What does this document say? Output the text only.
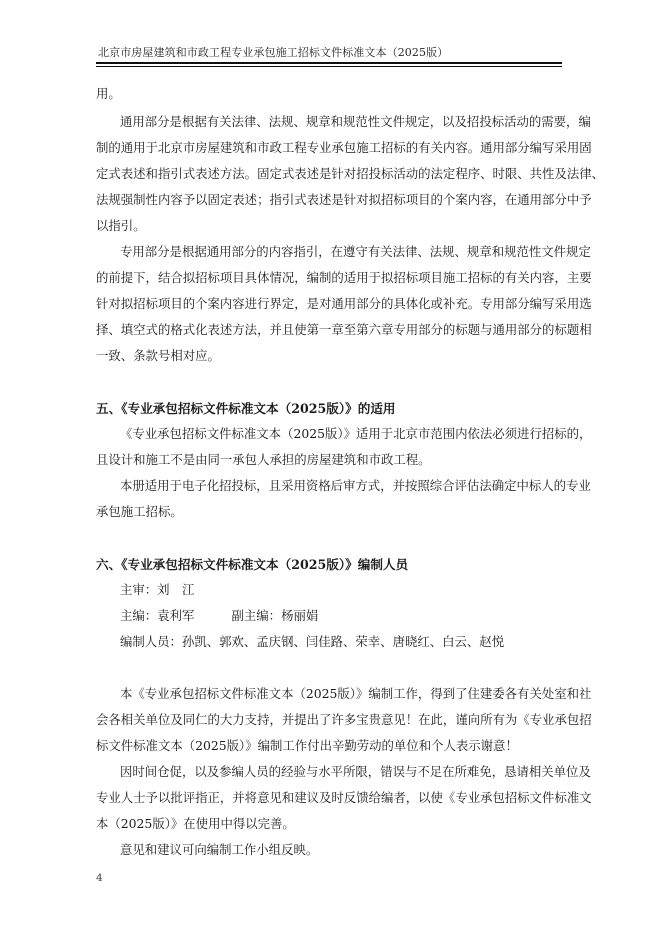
北京市房屋建筑和市政工程专业承包施工招标文件标准文本（2025版）
用。
通用部分是根据有关法律、法规、规章和规范性文件规定，以及招投标活动的需要，编
制的通用于北京市房屋建筑和市政工程专业承包施工招标的有关内容。通用部分编写采用固
定式表述和指引式表述方法。固定式表述是针对招投标活动的法定程序、时限、共性及法律、
法规强制性内容予以固定表述；指引式表述是针对拟招标项目的个案内容，在通用部分中予
以指引。
专用部分是根据通用部分的内容指引，在遵守有关法律、法规、规章和规范性文件规定
的前提下，结合拟招标项目具体情况，编制的适用于拟招标项目施工招标的有关内容，主要
针对拟招标项目的个案内容进行界定，是对通用部分的具体化或补充。专用部分编写采用选
择、填空式的格式化表述方法，并且使第一章至第六章专用部分的标题与通用部分的标题相
一致、条款号相对应。
五、《专业承包招标文件标准文本（2025版）》的适用
《专业承包招标文件标准文本（2025版）》适用于北京市范围内依法必须进行招标的，
且设计和施工不是由同一承包人承担的房屋建筑和市政工程。
本册适用于电子化招投标，且采用资格后审方式，并按照综合评估法确定中标人的专业
承包施工招标。
六、《专业承包招标文件标准文本（2025版）》编制人员
主审：刘　江
主编：袁利军　　　副主编：杨丽娟
编制人员：孙凯、郭欢、孟庆钢、闫佳路、荣幸、唐晓红、白云、赵悦
本《专业承包招标文件标准文本（2025版）》编制工作，得到了住建委各有关处室和社
会各相关单位及同仁的大力支持，并提出了许多宝贵意见！在此，谨向所有为《专业承包招
标文件标准文本（2025版）》编制工作付出辛勤劳动的单位和个人表示谢意！
因时间仓促，以及参编人员的经验与水平所限，错误与不足在所难免，恳请相关单位及
专业人士予以批评指正，并将意见和建议及时反馈给编者，以使《专业承包招标文件标准文
本（2025版）》在使用中得以完善。
意见和建议可向编制工作小组反映。
4
